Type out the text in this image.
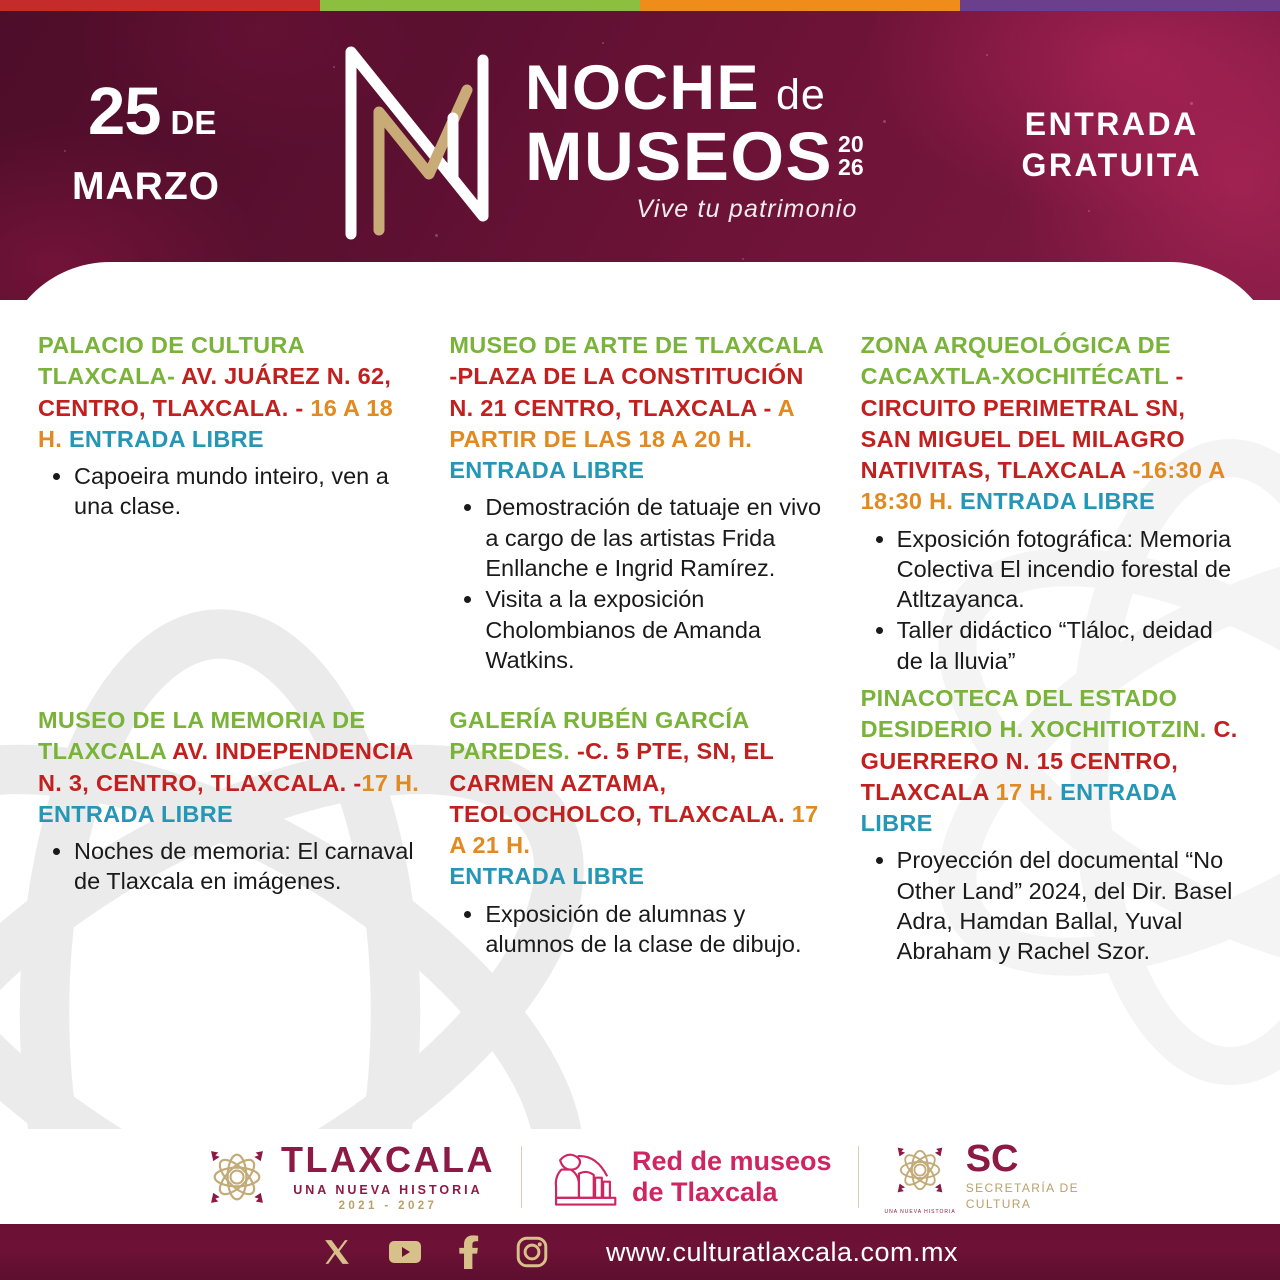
25 DE
MARZO
NOCHE de
MUSEOS 20
26
Vive tu patrimonio
ENTRADA
GRATUITA

PALACIO DE CULTURA TLAXCALA- AV. JUÁREZ N. 62, CENTRO, TLAXCALA. - 16 A 18 H. ENTRADA LIBRE

• Capoeira mundo inteiro, ven a una clase.

MUSEO DE ARTE DE TLAXCALA -PLAZA DE LA CONSTITUCIÓN N. 21 CENTRO, TLAXCALA - A PARTIR DE LAS 18 A 20 H. ENTRADA LIBRE

• Demostración de tatuaje en vivo a cargo de las artistas Frida Enllanche e Ingrid Ramírez.
• Visita a la exposición Cholombianos de Amanda Watkins.

ZONA ARQUEOLÓGICA DE CACAXTLA-XOCHITÉCATL -CIRCUITO PERIMETRAL SN, SAN MIGUEL DEL MILAGRO NATIVITAS, TLAXCALA -16:30 A 18:30 H. ENTRADA LIBRE

• Exposición fotográfica: Memoria Colectiva El incendio forestal de Atltzayanca.
• Taller didáctico “Tláloc, deidad de la lluvia”

MUSEO DE LA MEMORIA DE TLAXCALA AV. INDEPENDENCIA N. 3, CENTRO, TLAXCALA. -17 H. ENTRADA LIBRE

• Noches de memoria: El carnaval de Tlaxcala en imágenes.

GALERÍA RUBÉN GARCÍA PAREDES. -C. 5 PTE, SN, EL CARMEN AZTAMA, TEOLOCHOLCO, TLAXCALA. 17 A 21 H.
ENTRADA LIBRE

• Exposición de alumnas y alumnos de la clase de dibujo.

PINACOTECA DEL ESTADO DESIDERIO H. XOCHITIOTZIN. C. GUERRERO N. 15 CENTRO, TLAXCALA 17 H. ENTRADA LIBRE

• Proyección del documental “No Other Land” 2024, del Dir. Basel Adra, Hamdan Ballal, Yuval Abraham y Rachel Szor.
TLAXCALA
UNA NUEVA HISTORIA
2021 - 2027
Red de museos
de Tlaxcala
UNA NUEVA HISTORIA
SC
SECRETARÍA DE
CULTURA
www.culturatlaxcala.com.mx
